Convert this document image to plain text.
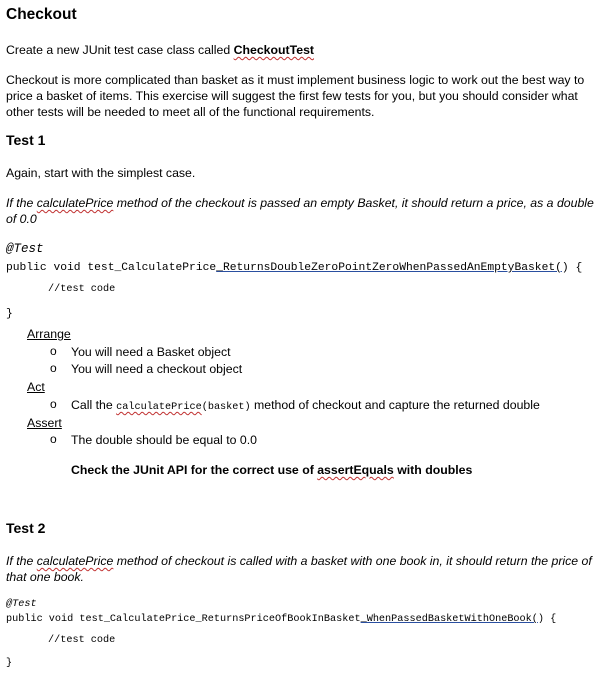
Checkout
Create a new JUnit test case class called CheckoutTest
Checkout is more complicated than basket as it must implement business logic to work out the best way to price a basket of items. This exercise will suggest the first few tests for you, but you should consider what other tests will be needed to meet all of the functional requirements.
Test 1
Again, start with the simplest case.
If the calculatePrice method of the checkout is passed an empty Basket, it should return a price, as a double of 0.0
@Test
public void test_CalculatePrice_ReturnsDoubleZeroPointZeroWhenPassedAnEmptyBasket() {
//test code
}
Arrange
o You will need a Basket object
o You will need a checkout object
Act
o Call the calculatePrice(basket) method of checkout and capture the returned double
Assert
o The double should be equal to 0.0
Check the JUnit API for the correct use of assertEquals with doubles
Test 2
If the calculatePrice method of checkout is called with a basket with one book in, it should return the price of that one book.
@Test
public void test_CalculatePrice_ReturnsPriceOfBookInBasket_WhenPassedBasketWithOneBook() {
//test code
}
